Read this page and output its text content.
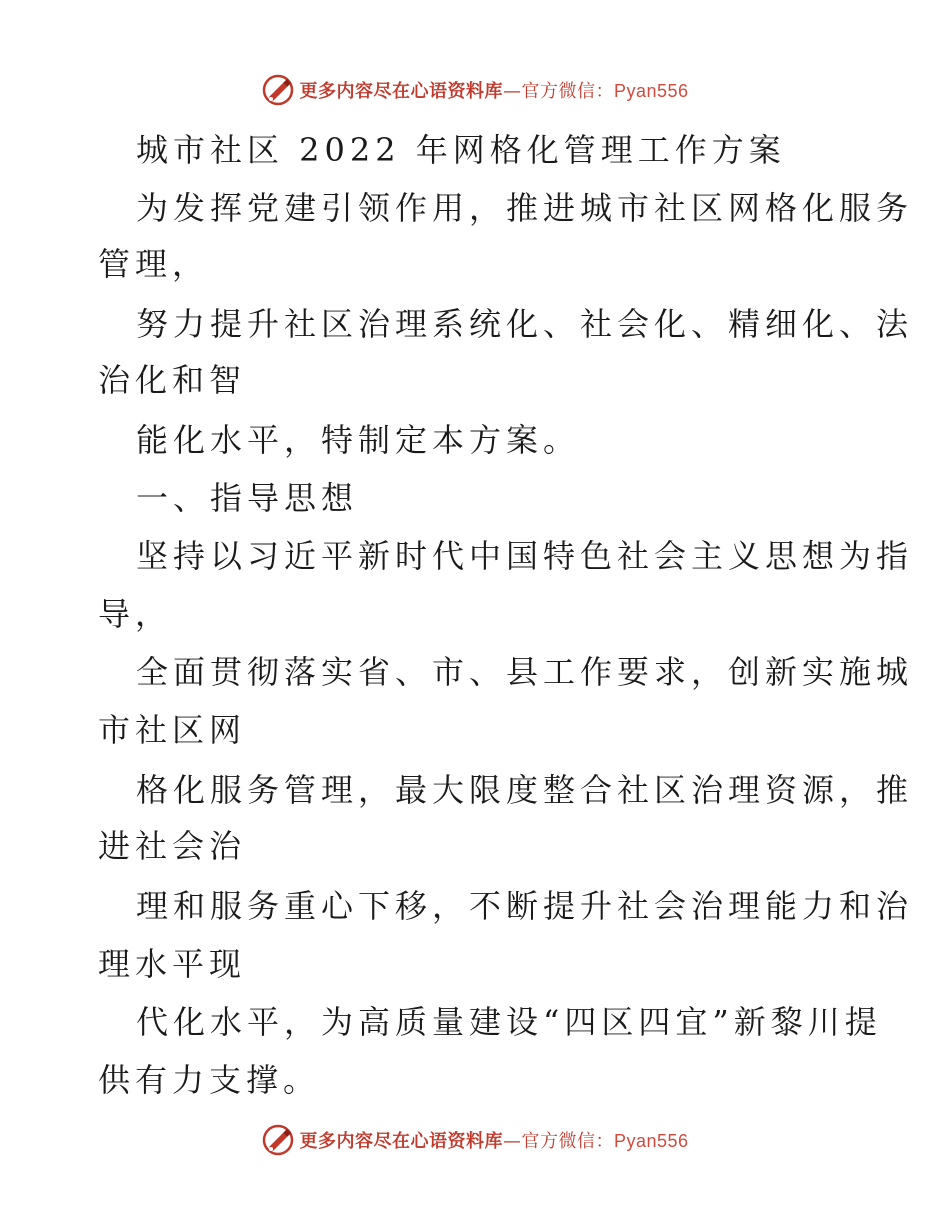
更多内容尽在心语资料库—官方微信：Pyan556
城市社区 2022 年网格化管理工作方案
为发挥党建引领作用，推进城市社区网格化服务
管理，
努力提升社区治理系统化、社会化、精细化、法
治化和智
能化水平，特制定本方案。
一、指导思想
坚持以习近平新时代中国特色社会主义思想为指
导，
全面贯彻落实省、市、县工作要求，创新实施城
市社区网
格化服务管理，最大限度整合社区治理资源，推
进社会治
理和服务重心下移，不断提升社会治理能力和治
理水平现
代化水平，为高质量建设“四区四宜”新黎川提
供有力支撑。
更多内容尽在心语资料库—官方微信：Pyan556
